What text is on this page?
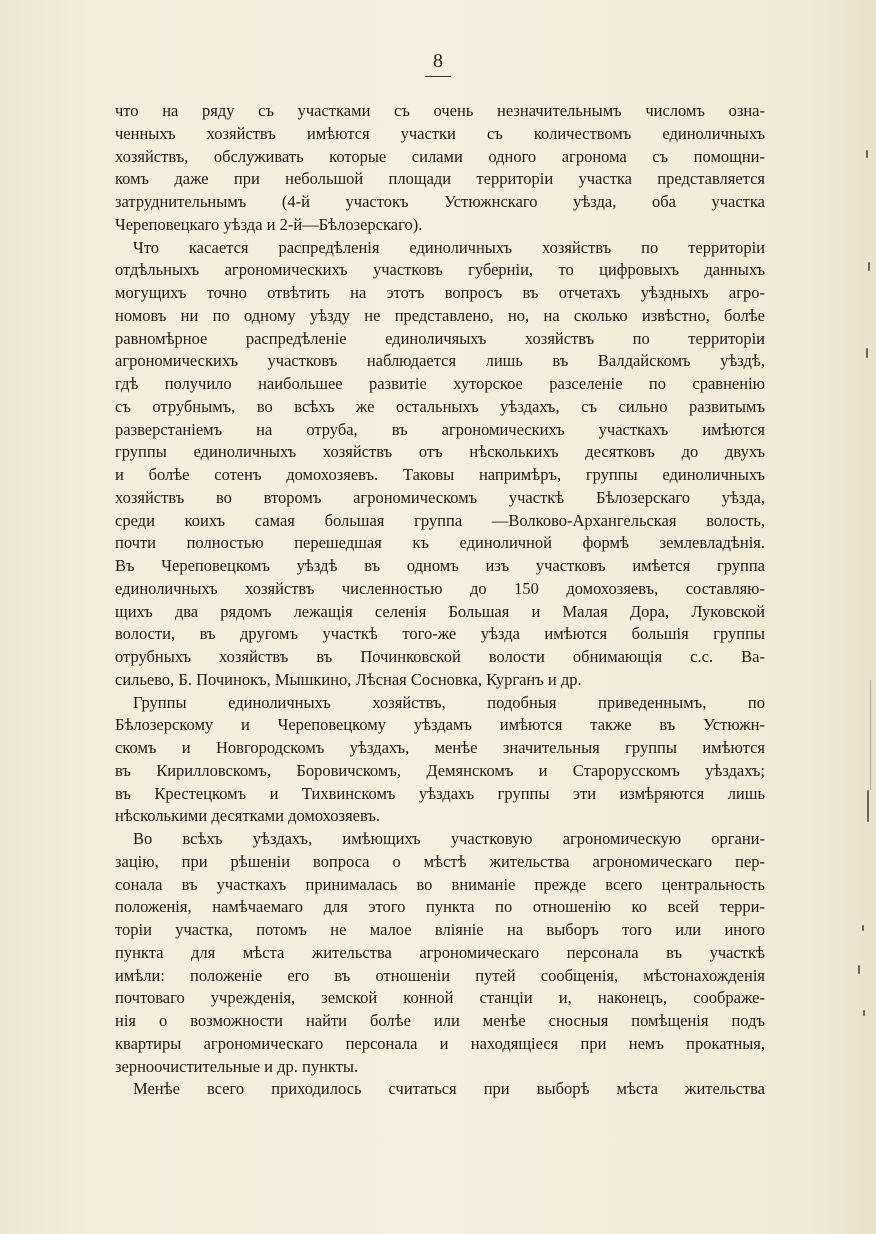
8
что на ряду съ участками съ очень незначительнымъ числомъ озна-
ченныхъ хозяйствъ имѣются участки съ количествомъ единоличныхъ
хозяйствъ, обслуживать которые силами одного агронома съ помощни-
комъ даже при небольшой площади территоріи участка представляется
затруднительнымъ (4-й участокъ Устюжнскаго уѣзда, оба участка
Череповецкаго уѣзда и 2-й—Бѣлозерскаго).
Что касается распредѣленія единоличныхъ хозяйствъ по территоріи
отдѣльныхъ агрономическихъ участковъ губерніи, то цифровыхъ данныхъ
могущихъ точно отвѣтить на этотъ вопросъ въ отчетахъ уѣздныхъ агро-
номовъ ни по одному уѣзду не представлено, но, на сколько извѣстно, болѣе
равномѣрное распредѣленіе единоличяыхъ хозяйствъ по территоріи
агрономическихъ участковъ наблюдается лишь въ Валдайскомъ уѣздѣ,
гдѣ получило наибольшее развитіе хуторское разселеніе по сравненію
съ отрубнымъ, во всѣхъ же остальныхъ уѣздахъ, съ сильно развитымъ
разверстаніемъ на отруба, въ агрономическихъ участкахъ имѣются
группы единоличныхъ хозяйствъ отъ нѣсколькихъ десятковъ до двухъ
и болѣе сотенъ домохозяевъ. Таковы напримѣръ, группы единоличныхъ
хозяйствъ во второмъ агрономическомъ участкѣ Бѣлозерскаго уѣзда,
среди коихъ самая большая группа —Волково-Архангельская волость,
почти полностью перешедшая къ единоличной формѣ землевладѣнія.
Въ Череповецкомъ уѣздѣ въ одномъ изъ участковъ имѣется группа
единоличныхъ хозяйствъ численностью до 150 домохозяевъ, составляю-
щихъ два рядомъ лежащія селенія Большая и Малая Дора, Луковской
волости, въ другомъ участкѣ того-же уѣзда имѣются большія группы
отрубныхъ хозяйствъ въ Починковской волости обнимающія с.с. Ва-
сильево, Б. Починокъ, Мышкино, Лѣсная Сосновка, Курганъ и др.
Группы единоличныхъ хозяйствъ, подобныя приведеннымъ, по
Бѣлозерскому и Череповецкому уѣздамъ имѣются также въ Устюжн-
скомъ и Новгородскомъ уѣздахъ, менѣе значительныя группы имѣются
въ Кирилловскомъ, Боровичскомъ, Демянскомъ и Старорусскомъ уѣздахъ;
въ Крестецкомъ и Тихвинскомъ уѣздахъ группы эти измѣряются лишь
нѣсколькими десятками домохозяевъ.
Во всѣхъ уѣздахъ, имѣющихъ участковую агрономическую органи-
зацію, при рѣшеніи вопроса о мѣстѣ жительства агрономическаго пер-
сонала въ участкахъ принималась во вниманіе прежде всего центральность
положенія, намѣчаемаго для этого пункта по отношенію ко всей терри-
торіи участка, потомъ не малое вліяніе на выборъ того или иного
пункта для мѣста жительства агрономическаго персонала въ участкѣ
имѣли: положеніе его въ отношеніи путей сообщенія, мѣстонахожденія
почтоваго учрежденія, земской конной станціи и, наконецъ, соображе-
нія о возможности найти болѣе или менѣе сносныя помѣщенія подъ
квартиры агрономическаго персонала и находящіеся при немъ прокатныя,
зерноочистительные и др. пункты.
Менѣе всего приходилось считаться при выборѣ мѣста жительства
